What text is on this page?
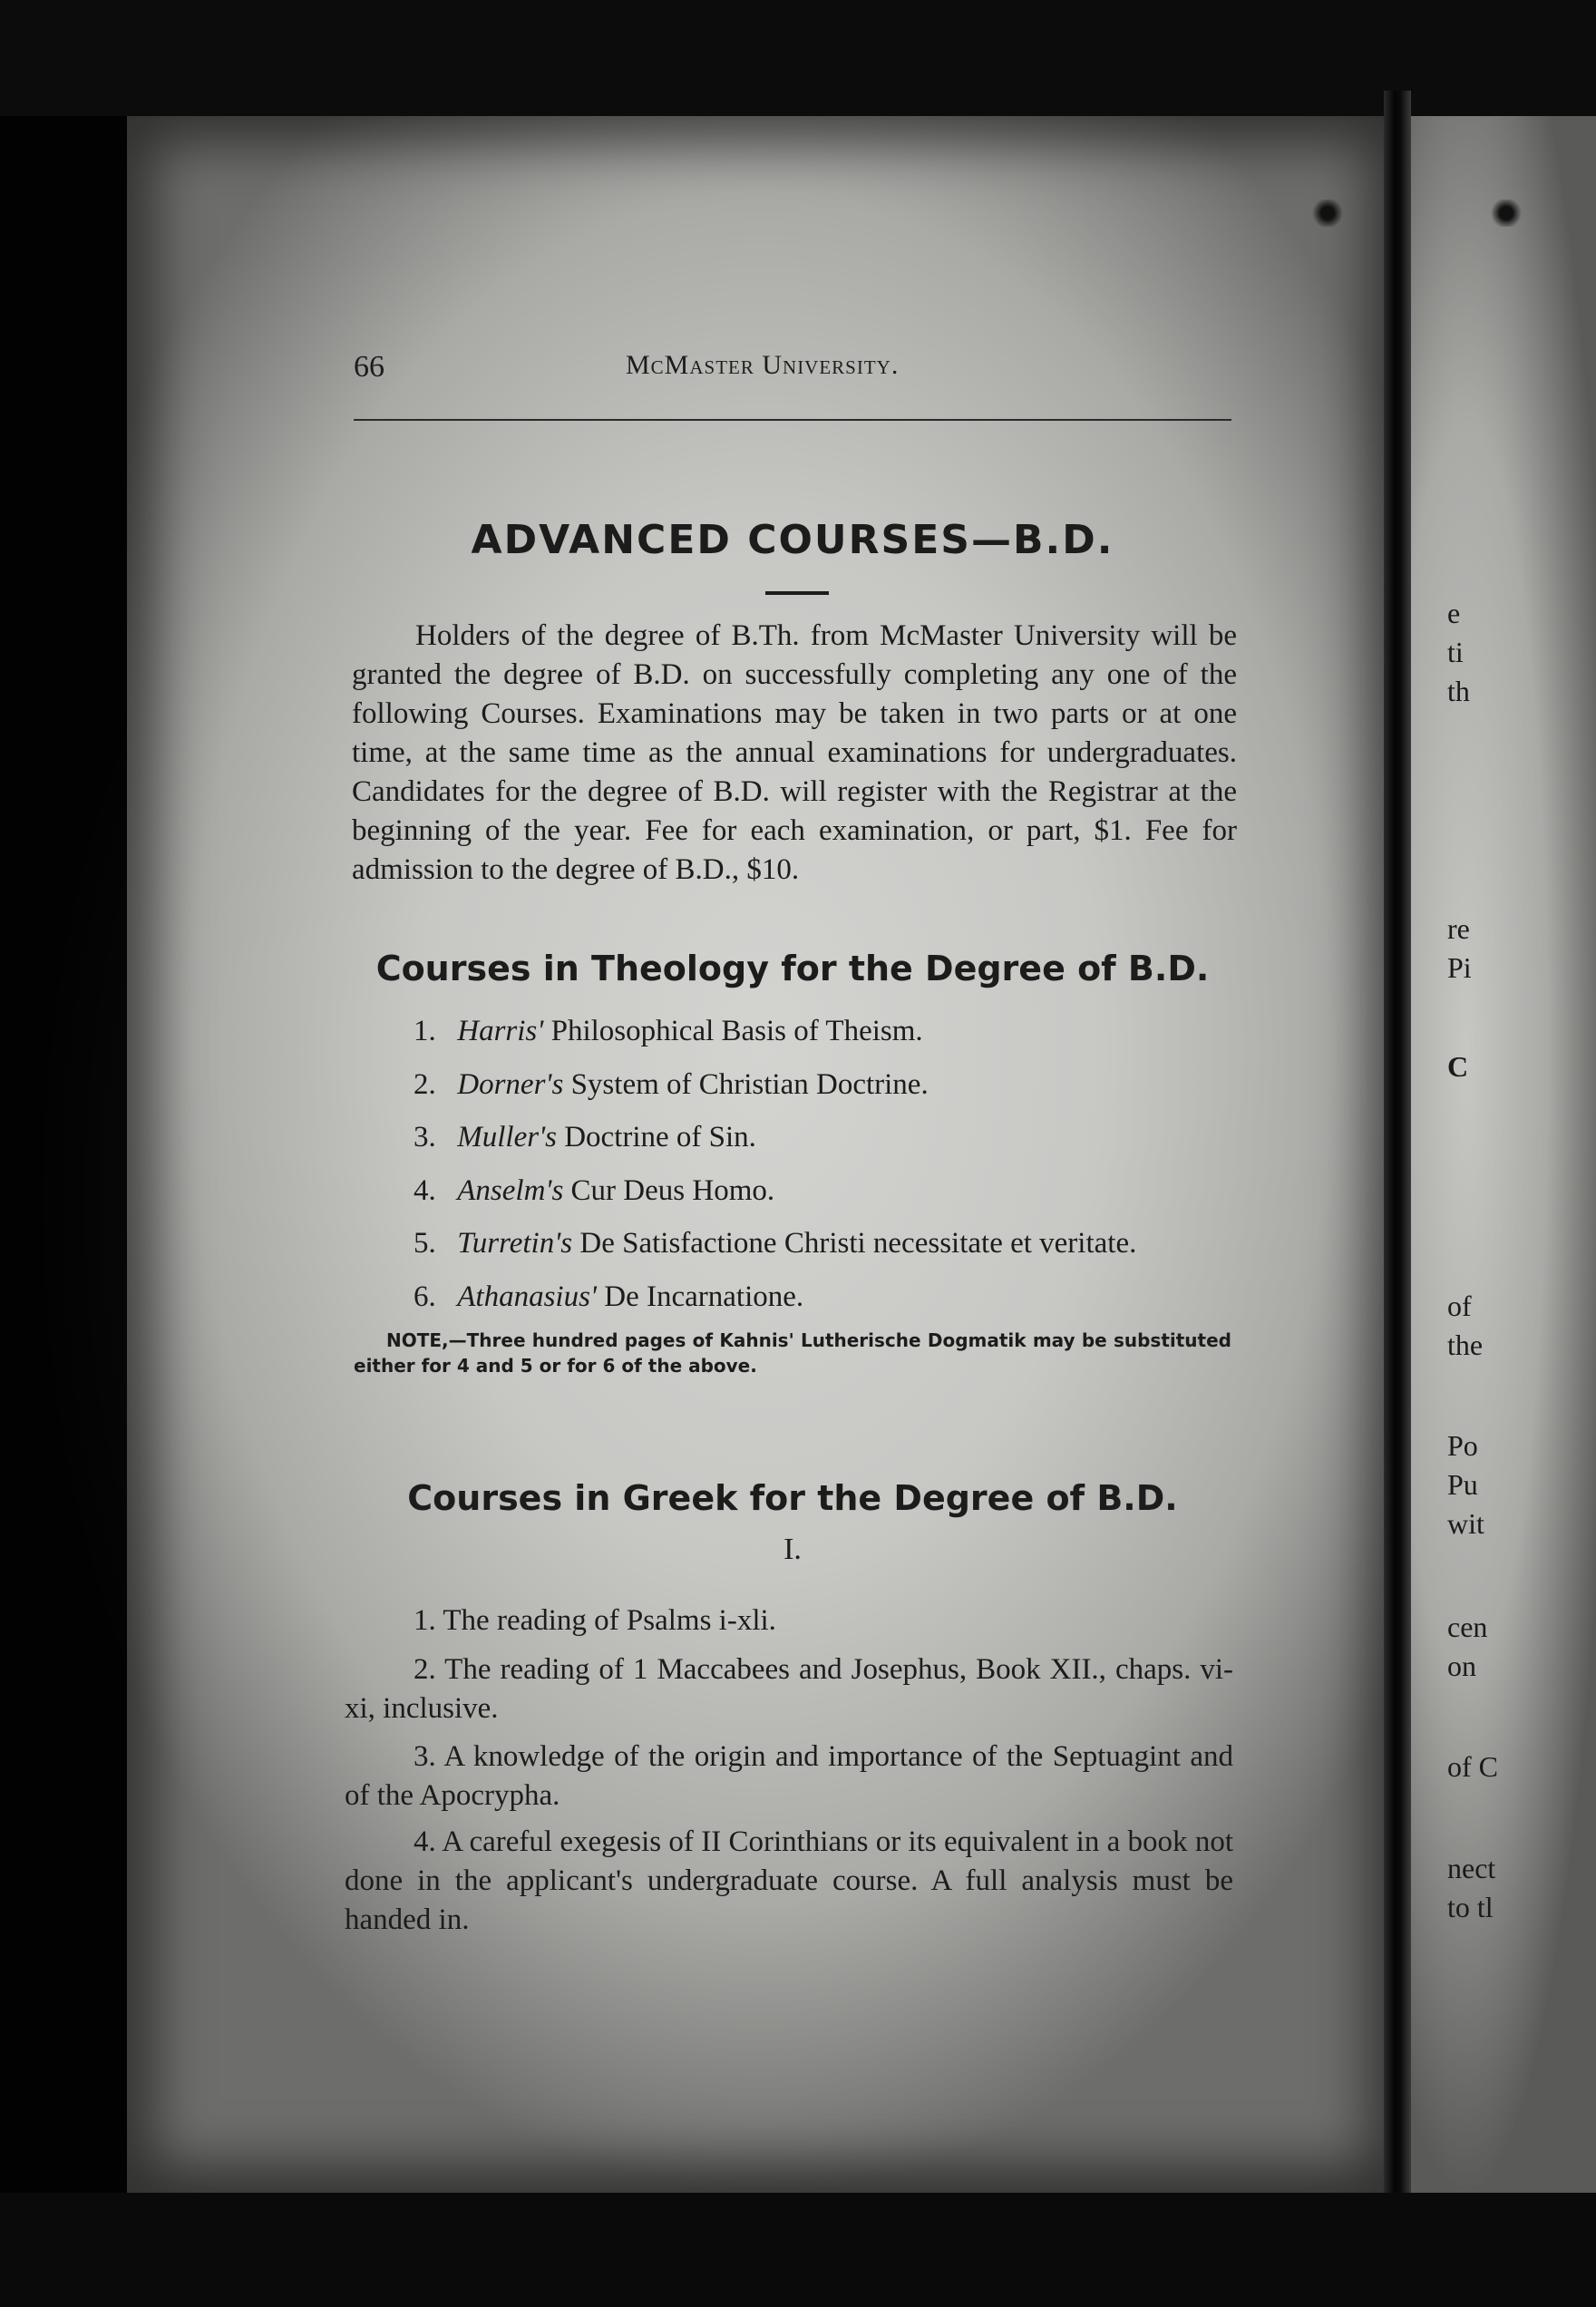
e
ti
th
re
Pi
C
of
the
Po
Pu
wit
cen
on
of C
nect
to tl
66	McMaster University.
ADVANCED COURSES—B.D.

Holders of the degree of B.Th. from McMaster University will be granted the degree of B.D. on successfully completing any one of the following Courses. Examinations may be taken in two parts or at one time, at the same time as the annual examinations for undergraduates. Candidates for the degree of B.D. will register with the Registrar at the beginning of the year. Fee for each examination, or part, $1. Fee for admission to the degree of B.D., $10.

Courses in Theology for the Degree of B.D.
1. Harris' Philosophical Basis of Theism.
2. Dorner's System of Christian Doctrine.
3. Muller's Doctrine of Sin.
4. Anselm's Cur Deus Homo.
5. Turretin's De Satisfactione Christi necessitate et veritate.
6. Athanasius' De Incarnatione.

NOTE,—Three hundred pages of Kahnis' Lutherische Dogmatik may be substituted either for 4 and 5 or for 6 of the above.

Courses in Greek for the Degree of B.D.
I.

1. The reading of Psalms i-xli.

2. The reading of 1 Maccabees and Josephus, Book XII., chaps. vi-xi, inclusive.

3. A knowledge of the origin and importance of the Septuagint and of the Apocrypha.

4. A careful exegesis of II Corinthians or its equivalent in a book not done in the applicant's undergraduate course. A full analysis must be handed in.
